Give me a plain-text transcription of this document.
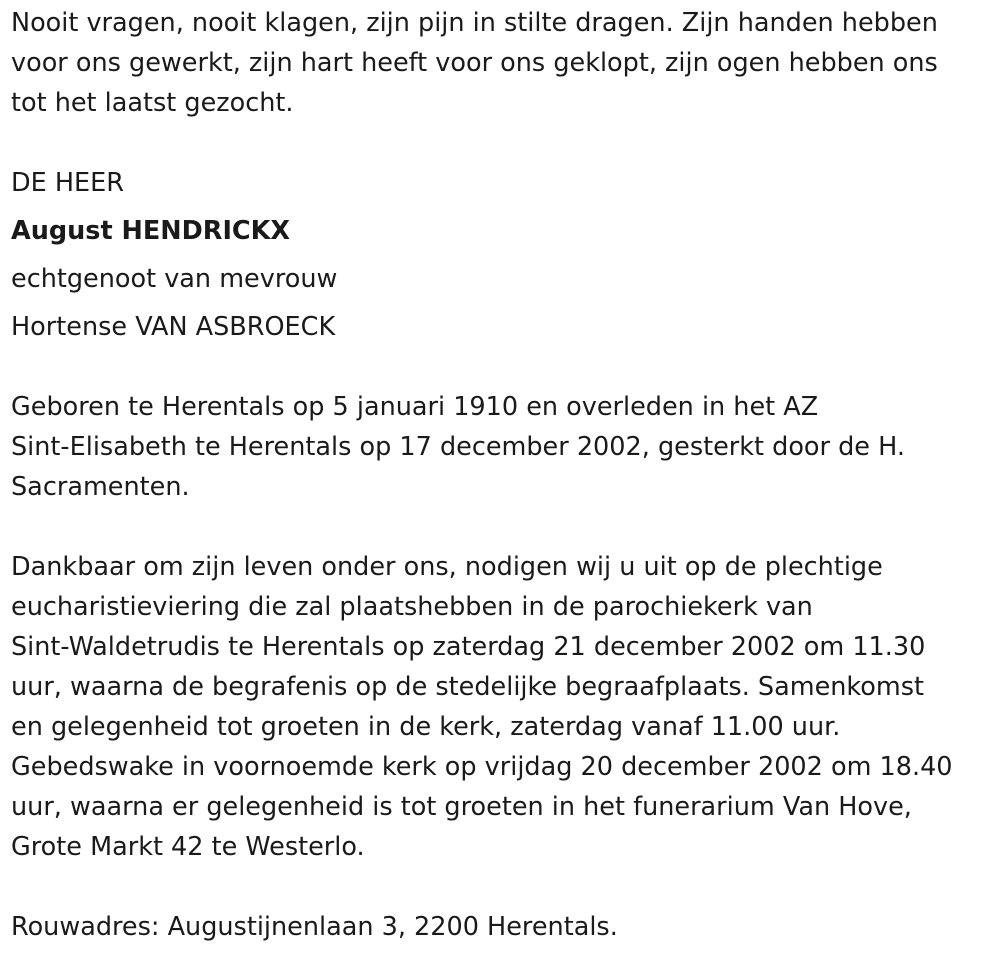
Nooit vragen, nooit klagen, zijn pijn in stilte dragen. Zijn handen hebben
voor ons gewerkt, zijn hart heeft voor ons geklopt, zijn ogen hebben ons
tot het laatst gezocht.
DE HEER
August HENDRICKX
echtgenoot van mevrouw
Hortense VAN ASBROECK
Geboren te Herentals op 5 januari 1910 en overleden in het AZ
Sint-Elisabeth te Herentals op 17 december 2002, gesterkt door de H.
Sacramenten.
Dankbaar om zijn leven onder ons, nodigen wij u uit op de plechtige
eucharistieviering die zal plaatshebben in de parochiekerk van
Sint-Waldetrudis te Herentals op zaterdag 21 december 2002 om 11.30
uur, waarna de begrafenis op de stedelijke begraafplaats. Samenkomst
en gelegenheid tot groeten in de kerk, zaterdag vanaf 11.00 uur.
Gebedswake in voornoemde kerk op vrijdag 20 december 2002 om 18.40
uur, waarna er gelegenheid is tot groeten in het funerarium Van Hove,
Grote Markt 42 te Westerlo.
Rouwadres: Augustijnenlaan 3, 2200 Herentals.
